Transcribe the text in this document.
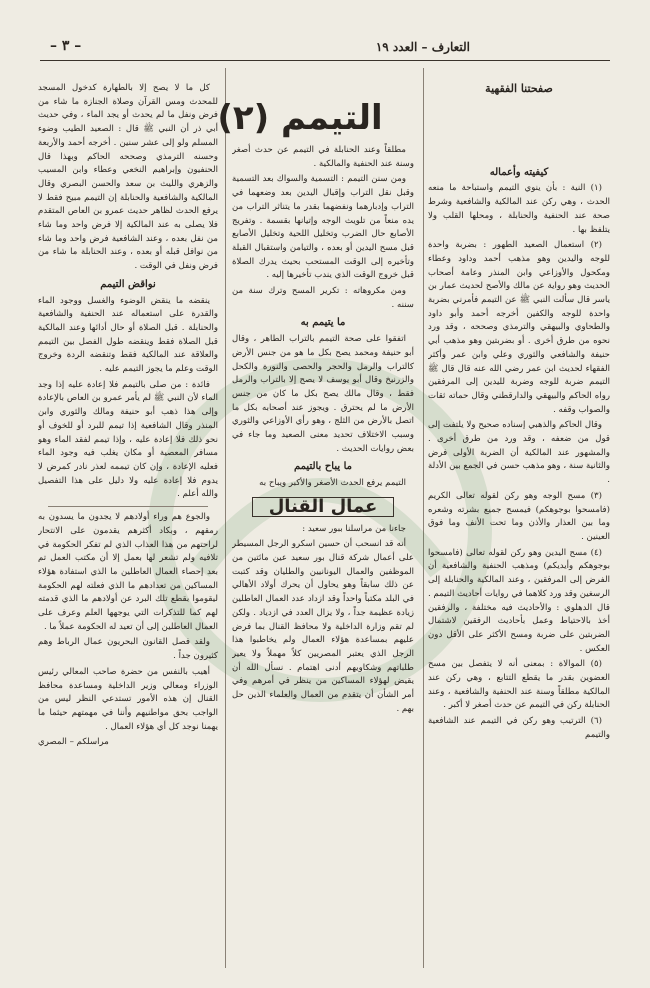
التعارف – العدد ١٩
– ٣ –
صفحتنا الفقهية
كيفيته وأعماله

(١) النية : بأن ينوي التيمم واستباحة ما منعه الحدث ، وهي ركن عند المالكية والشافعية وشرط صحة عند الحنفية والحنابلة ، ومحلها القلب ولا يتلفظ بها .

(٢) استعمال الصعيد الطهور : بضربة واحدة للوجه واليدين وهو مذهب أحمد وداود وعطاء ومكحول والأوزاعي وابن المنذر وعامة أصحاب الحديث وهو رواية عن مالك والأصح لحديث عمار بن ياسر قال سألت النبي ﷺ عن التيمم فأمرني بضربة واحدة للوجه والكفين أخرجه أحمد وأبو داود والطحاوي والبيهقي والترمذي وصححه ، وقد ورد نحوه من طرق أخرى . أو بضربتين وهو مذهب أبي حنيفة والشافعي والثوري وعلي وابن عمر وأكثر الفقهاء لحديث ابن عمر رضي الله عنه قال قال ﷺ التيمم ضربة للوجه وضربة لليدين إلى المرفقين رواه الحاكم والبيهقي والدارقطني وقال حماته ثقات والصواب وقفه .

وقال الحاكم والذهبي إسناده صحيح ولا يلتفت إلى قول من ضعفه ، وقد ورد من طرق أخرى . والمشهور عند المالكية أن الضربة الأولى فرض والثانية سنة ، وهو مذهب حسن في الجمع بين الأدلة .

(٣) مسح الوجه وهو ركن لقوله تعالى الكريم (فامسحوا بوجوهكم) فيمسح جميع بشرته وشعره وما بين العذار والأذن وما تحت الأنف وما فوق العينين .

(٤) مسح اليدين وهو ركن لقوله تعالى (فامسحوا بوجوهكم وأيديكم) ومذهب الحنفية والشافعية أن الفرض إلى المرفقين ، وعند المالكية والحنابلة إلى الرسغين وقد ورد كلاهما في روايات أحاديث التيمم . قال الدهلوي : والأحاديث فيه مختلفة ، والرفقين أخذ بالاحتياط وعمل بأحاديث الرفقين لاشتمال الضربتين على ضربة ومسح الأكثر على الأقل دون العكس .

(٥) الموالاة : بمعنى أنه لا يتفصل بين مسح العضوين بقدر ما يقطع التتابع ، وهي ركن عند المالكية مطلقاً وسنة عند الحنفية والشافعية ، وعند الحنابلة ركن في التيمم عن حدث أصغر لا أكبر .

(٦) الترتيب وهو ركن في التيمم عند الشافعية والتيمم

التيمم (٢)

مطلقاً وعند الحنابلة في التيمم عن حدث أصغر وسنة عند الحنفية والمالكية .

ومن سنن التيمم : التسمية والسواك بعد التسمية وقبل نقل التراب وإقبال اليدين بعد وضعهما في التراب وإدبارهما ونفضهما بقدر ما يتناثر التراب من يده منعاً من تلويث الوجه وإتيانها بقسمة . وتفريج الأصابع حال الضرب وتخليل اللحية وتخليل الأصابع قبل مسح اليدين أو بعده ، والتيامن واستقبال القبلة وتأخيره إلى الوقت المستحب بحيث يدرك الصلاة قبل خروج الوقت الذي يندب تأخيرها إليه .

ومن مكروهاته : تكرير المسح وترك سنة من سننه .

ما يتيمم به

اتفقوا على صحة التيمم بالتراب الطاهر ، وقال أبو حنيفة ومحمد يصح بكل ما هو من جنس الأرض كالتراب والرمل والحجر والحصى والنورة والكحل والزرنيخ وقال أبو يوسف لا يصح إلا بالتراب والرمل فقط ، وقال مالك يصح بكل ما كان من جنس الأرض ما لم يحترق . ويجوز عند أصحابه بكل ما اتصل بالأرض من الثلج ، وهو رأي الأوزاعي والثوري وسبب الاختلاف تحديد معنى الصعيد وما جاء في بعض روايات الحديث .

ما يباح بالتيمم

التيمم يرفع الحدث الأصغر والأكبر ويباح به

عمال القنال

جاءنا من مراسلنا ببور سعيد :

أنه قد انسحب أن حسين اسكرو الرجل المسيطر على أعمال شركة قنال بور سعيد عين مائتين من الموظفين والعمال اليونانيين والطليان وقد كتبت عن ذلك سابقاً وهو يحاول أن يحرك أولاد الأهالي في البلد مكتباً واحداً وقد ازداد عدد العمال العاطلين زيادة عظيمة جداً ، ولا يزال العدد في ازدياد . ولكن لم تقم وزارة الداخلية ولا محافظ القنال بما فرض عليهم بمساعدة هؤلاء العمال ولم يخاطبوا هذا الرجل الذي يعتبر المصريين كلاً مهملاً ولا يعير طلباتهم وشكاويهم أدنى اهتمام . نسأل الله أن يقيض لهؤلاء المساكين من ينظر في أمرهم وفي أمر الشأن أن يتقدم من العمال والعلماء الذين حل بهم .

كل ما لا يصح إلا بالطهارة كدخول المسجد للمحدث ومس القرآن وصلاة الجنازة ما شاء من فرض ونفل ما لم يحدث أو يجد الماء ، وفي حديث أبي ذر أن النبي ﷺ قال : الصعيد الطيب وضوء المسلم ولو إلى عشر سنين . أخرجه أحمد والأربعة وحسنه الترمذي وصححه الحاكم وبهذا قال الحنفيون وإبراهيم النخعي وعطاء وابن المسيب والزهري والليث بن سعد والحسن البصري وقال المالكية والشافعية والحنابلة إن التيمم مبيح فقط لا يرفع الحدث لظاهر حديث عمرو بن العاص المتقدم فلا يصلى به عند المالكية إلا فرض واحد وما شاء من نفل بعده ، وعند الشافعية فرض واحد وما شاء من نوافل قبله أو بعده ، وعند الحنابلة ما شاء من فرض ونفل في الوقت .

نواقض التيمم

ينقضه ما ينقض الوضوء والغسل ووجود الماء والقدرة على استعماله عند الحنفية والشافعية والحنابلة . قبل الصلاة أو حال أدائها وعند المالكية قبل الصلاة فقط وينقضه طول الفصل بين التيمم والعلاقة عند المالكية فقط وتنقضه الردة وخروج الوقت وعلم ما يجوز التيمم عليه .

فائدة : من صلى بالتيمم فلا إعادة عليه إذا وجد الماء لأن النبي ﷺ لم يأمر عمرو بن العاص بالإعادة وإلى هذا ذهب أبو حنيفة ومالك والثوري وابن المنذر وقال الشافعية إذا تيمم للبرد أو للخوف أو نحو ذلك فلا إعادة عليه ، وإذا تيمم لفقد الماء وهو مسافر المعصية أو مكان يغلب فيه وجود الماء فعليه الإعادة ، وإن كان تيممه لعذر نادر كمرض لا يدوم فلا إعادة عليه ولا دليل على هذا التفصيل والله أعلم .

والجوع هم وراء أولادهم لا يجدون ما يسدون به رمقهم ، وبكاد أكثرهم يقدمون على الانتحار لراحتهم من هذا العذاب الذي لم تفكر الحكومة في تلافيه ولم تشعر لها بعمل إلا أن مكتب العمل تم بعد إحصاء العمال العاطلين ما الذي استفادة هؤلاء المساكين من تعدادهم ما الذي فعلته لهم الحكومة ليقوموا بقطع تلك البرد عن أولادهم ما الذي قدمته لهم كما للتذكرات التي يوجهها العلم وعرف على العمال العاطلين إلى أن تعيد له الحكومة عملاً ما .

ولقد فصل القانون البحريون عمال الرباط وهم كثيرون جداً .

أهيب بالنفس من حضرة صاحب المعالي رئيس الوزراء ومعالي وزير الداخلية ومساعدة محافظ القنال إن هذه الأمور تستدعي النظر ليس من الواجب بحق مواطنيهم وأننا في مهمتهم حيثما ما يهمنا نوجد كل أي هؤلاء العمال .

مراسلكم – المصري
